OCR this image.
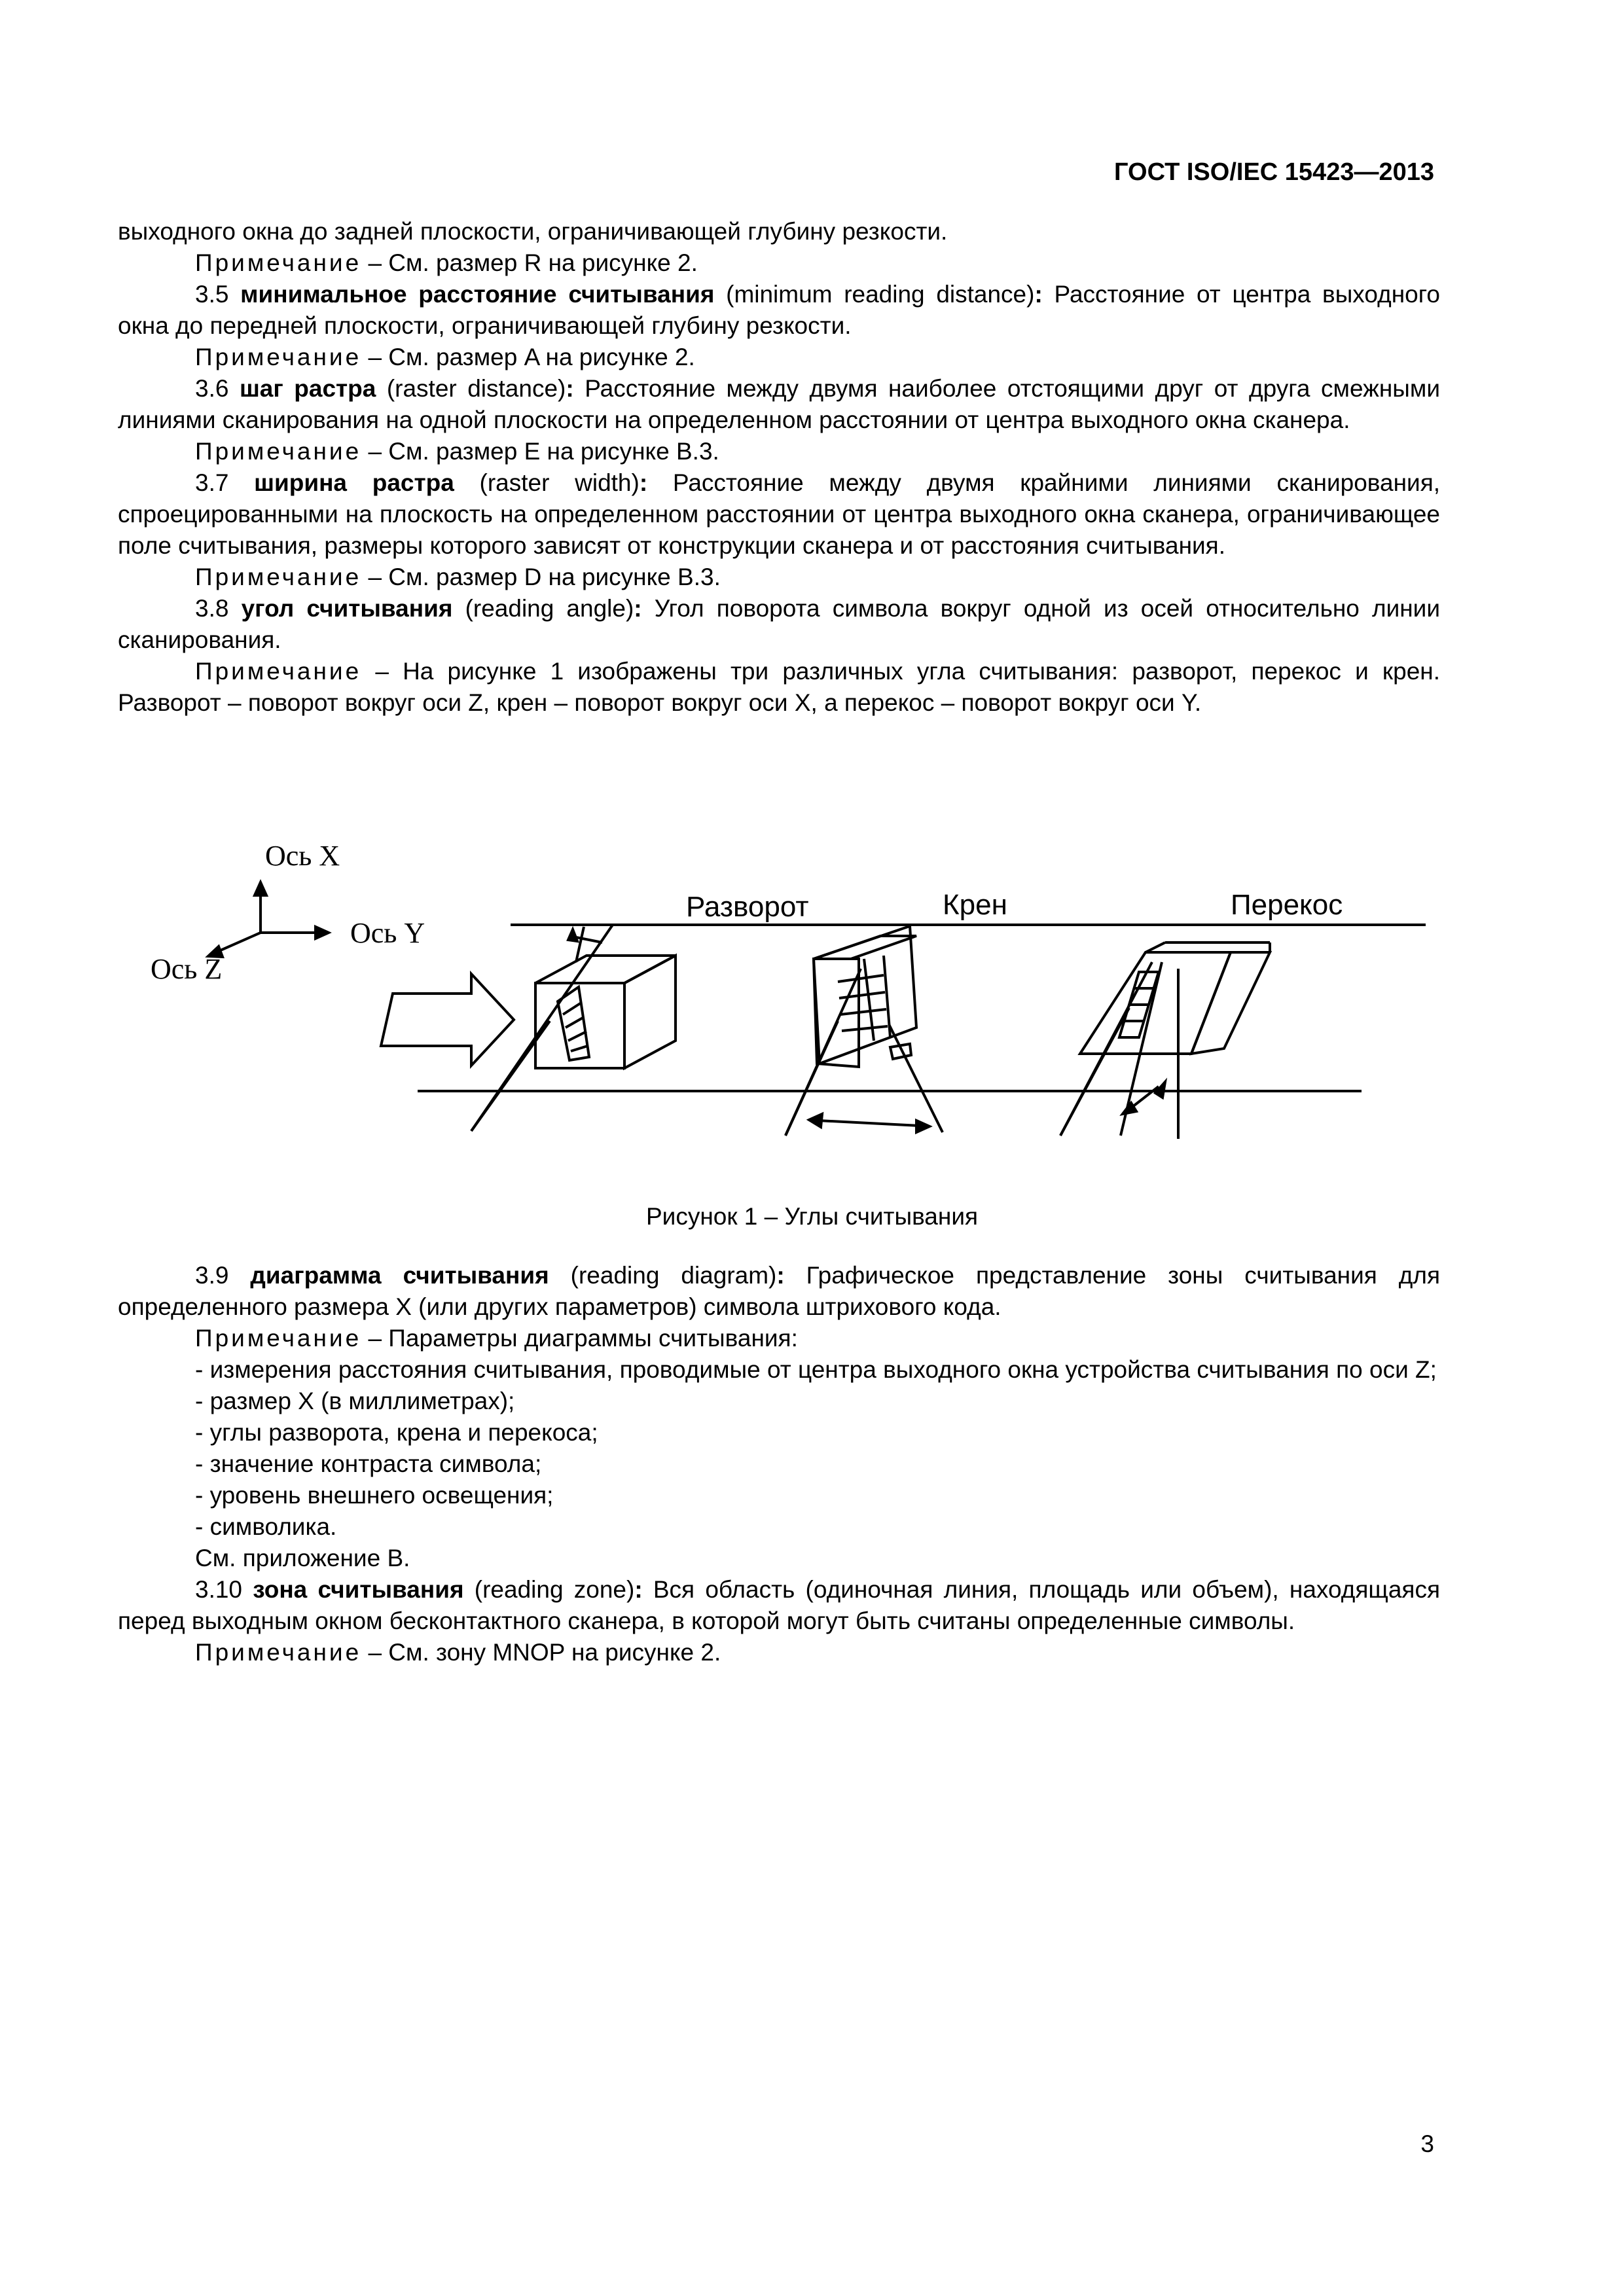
ГОСТ ISO/IEC 15423—2013

выходного окна до задней плоскости, ограничивающей глубину резкости.

Примечание – См. размер R на рисунке 2.

3.5 минимальное расстояние считывания (minimum reading distance): Расстояние от центра выходного окна до передней плоскости, ограничивающей глубину резкости.

Примечание – См. размер A на рисунке 2.

3.6 шаг растра (raster distance): Расстояние между двумя наиболее отстоящими друг от друга смежными линиями сканирования на одной плоскости на определенном расстоянии от центра выходного окна сканера.

Примечание – См. размер E на рисунке B.3.

3.7 ширина растра (raster width): Расстояние между двумя крайними линиями сканирования, спроецированными на плоскость на определенном расстоянии от центра выходного окна сканера, ограничивающее поле считывания, размеры которого зависят от конструкции сканера и от расстояния считывания.

Примечание – См. размер D на рисунке B.3.

3.8 угол считывания (reading angle): Угол поворота символа вокруг одной из осей относительно линии сканирования.

Примечание – На рисунке 1 изображены три различных угла считывания: разворот, перекос и крен. Разворот – поворот вокруг оси Z, крен – поворот вокруг оси X, а перекос – поворот вокруг оси Y.

Ось X
Ось Y
Ось Z
Разворот	Крен	Перекос
Рисунок 1 – Углы считывания

3.9 диаграмма считывания (reading diagram): Графическое представление зоны считывания для определенного размера X (или других параметров) символа штрихового кода.

Примечание – Параметры диаграммы считывания:

- измерения расстояния считывания, проводимые от центра выходного окна устройства считывания по оси Z;

- размер X (в миллиметрах);

- углы разворота, крена и перекоса;

- значение контраста символа;

- уровень внешнего освещения;

- символика.

См. приложение B.

3.10 зона считывания (reading zone): Вся область (одиночная линия, площадь или объем), находящаяся перед выходным окном бесконтактного сканера, в которой могут быть считаны определенные символы.

Примечание – См. зону MNOP на рисунке 2.

3
